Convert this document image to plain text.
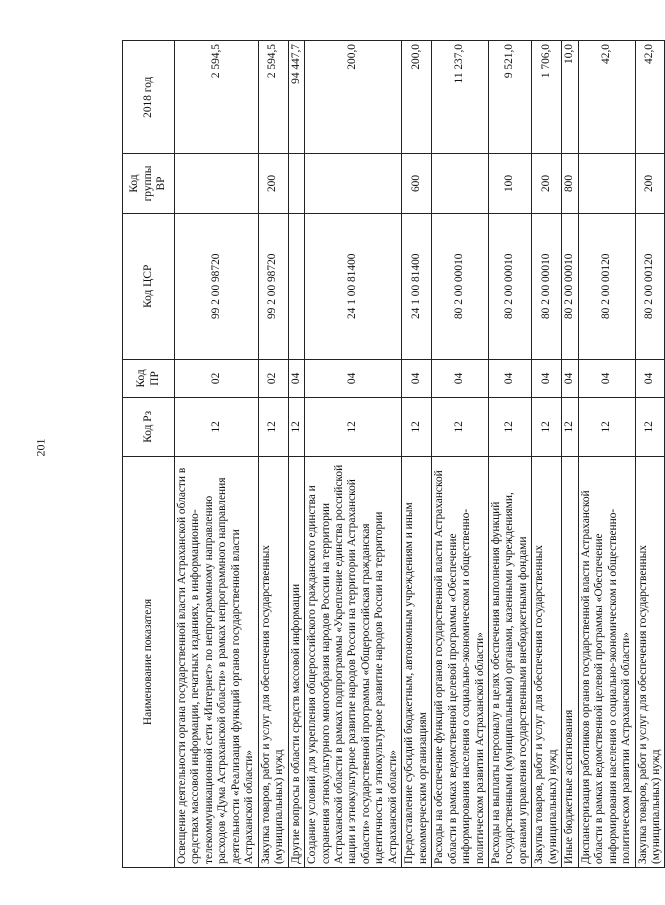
201
Наименование показателя	Код Рз	Код ПР	Код ЦСР	Код группы ВР	2018 год
Освещение деятельности органа государственной власти Астраханской области в средствах массовой информации, печатных изданиях, в информационно-телекоммуникационной сети «Интернет» по непрограммному направлению расходов «Дума Астраханской области» в рамках непрограммного направления деятельности «Реализация функций органов государственной власти Астраханской области»	12	02	99 2 00 98720		2 594,5
Закупка товаров, работ и услуг для обеспечения государственных (муниципальных) нужд	12	02	99 2 00 98720	200	2 594,5
Другие вопросы в области средств массовой информации	12	04			94 447,7
Создание условий для укрепления общероссийского гражданского единства и сохранения этнокультурного многообразия народов России на территории Астраханской области в рамках подпрограммы «Укрепление единства российской нации и этнокультурное развитие народов России на территории Астраханской области» государственной программы «Общероссийская гражданская идентичность и этнокультурное развитие народов России на территории Астраханской области»	12	04	24 1 00 81400		200,0
Предоставление субсидий бюджетным, автономным учреждениям и иным некоммерческим организациям	12	04	24 1 00 81400	600	200,0
Расходы на обеспечение функций органов государственной власти Астраханской области в рамках ведомственной целевой программы «Обеспечение информирования населения о социально-экономическом и общественно-политическом развитии Астраханской области»	12	04	80 2 00 00010		11 237,0
Расходы на выплаты персоналу в целях обеспечения выполнения функций государственными (муниципальными) органами, казенными учреждениями, органами управления государственными внебюджетными фондами	12	04	80 2 00 00010	100	9 521,0
Закупка товаров, работ и услуг для обеспечения государственных (муниципальных) нужд	12	04	80 2 00 00010	200	1 706,0
Иные бюджетные ассигнования	12	04	80 2 00 00010	800	10,0
Диспансеризация работников органов государственной власти Астраханской области в рамках ведомственной целевой программы «Обеспечение информирования населения о социально-экономическом и общественно-политическом развитии Астраханской области»	12	04	80 2 00 00120		42,0
Закупка товаров, работ и услуг для обеспечения государственных (муниципальных) нужд	12	04	80 2 00 00120	200	42,0
